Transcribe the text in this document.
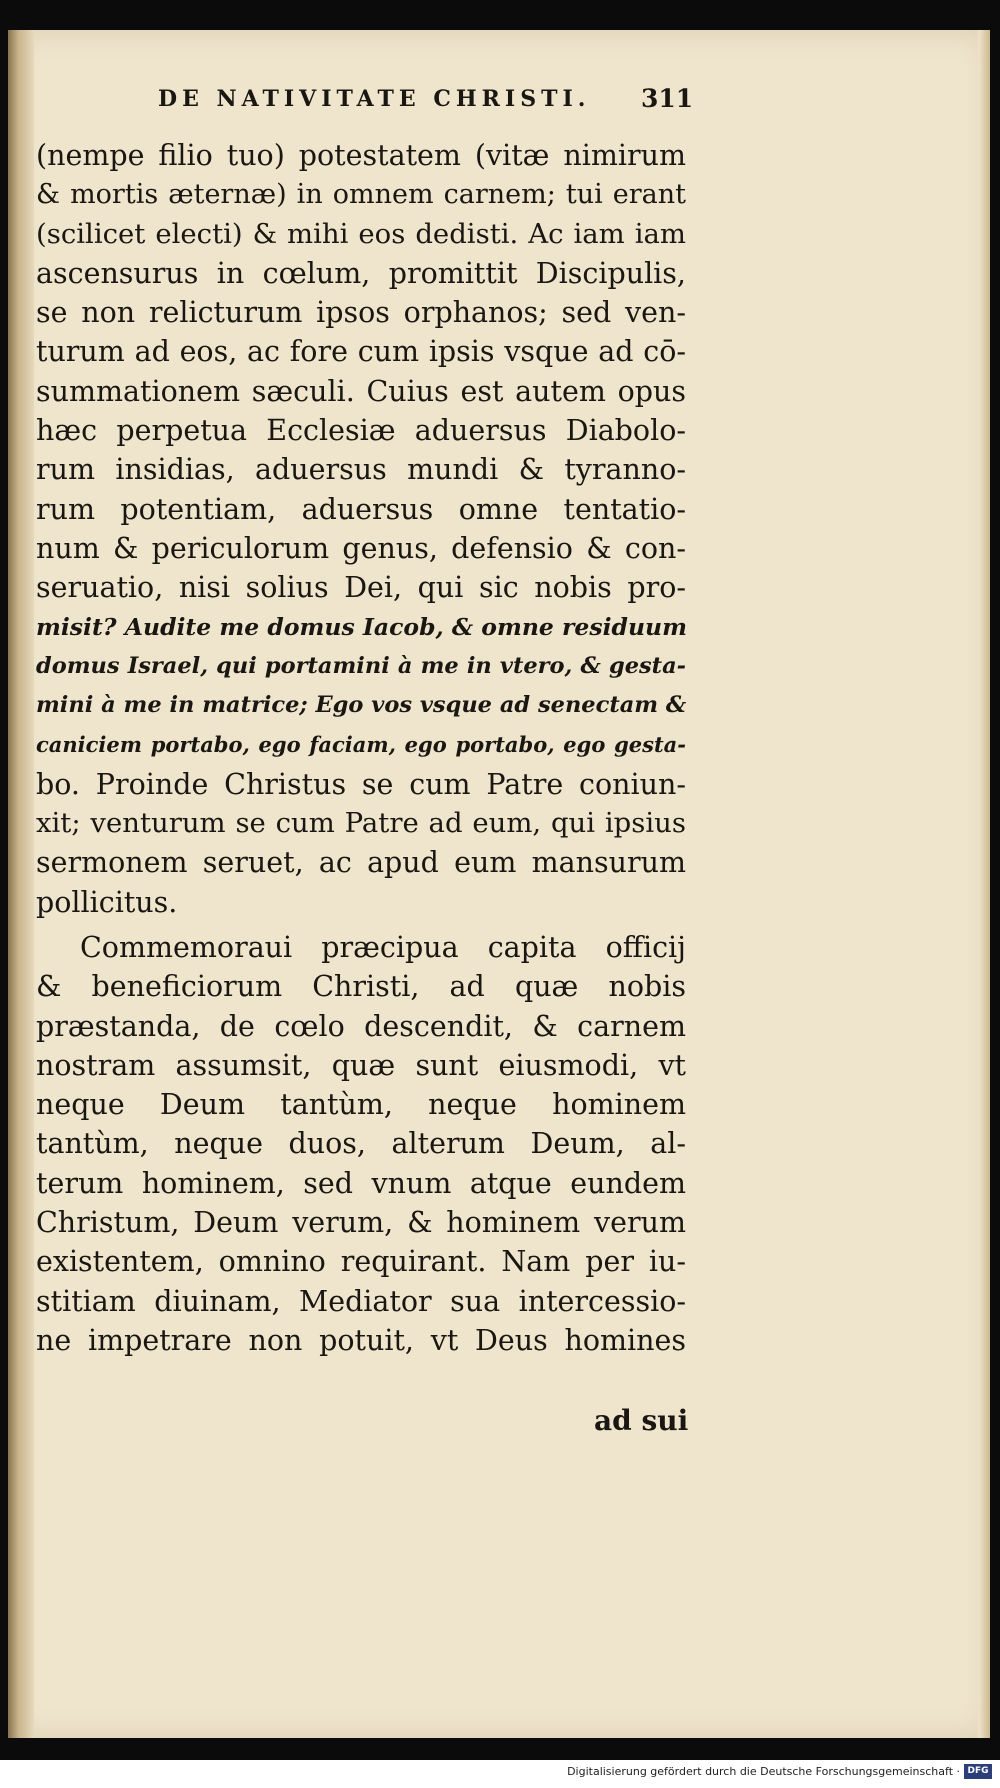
DE NATIVITATE CHRISTI. 311
(nempe filio tuo) potestatem (vitæ nimirum
& mortis æternæ) in omnem carnem; tui erant
(scilicet electi) & mihi eos dedisti. Ac iam iam
ascensurus in cœlum, promittit Discipulis,
se non relicturum ipsos orphanos; sed ven-
turum ad eos, ac fore cum ipsis vsque ad cō-
summationem sæculi. Cuius est autem opus
hæc perpetua Ecclesiæ aduersus Diabolo-
rum insidias, aduersus mundi & tyranno-
rum potentiam, aduersus omne tentatio-
num & periculorum genus, defensio & con-
seruatio, nisi solius Dei, qui sic nobis pro-
misit? Audite me domus Iacob, & omne residuum
domus Israel, qui portamini à me in vtero, & gesta-
mini à me in matrice; Ego vos vsque ad senectam &
caniciem portabo, ego faciam, ego portabo, ego gesta-
bo. Proinde Christus se cum Patre coniun-
xit; venturum se cum Patre ad eum, qui ipsius
sermonem seruet, ac apud eum mansurum
pollicitus.
Commemoraui præcipua capita officij
& beneficiorum Christi, ad quæ nobis
præstanda, de cœlo descendit, & carnem
nostram assumsit, quæ sunt eiusmodi, vt
neque Deum tantùm, neque hominem
tantùm, neque duos, alterum Deum, al-
terum hominem, sed vnum atque eundem
Christum, Deum verum, & hominem verum
existentem, omnino requirant. Nam per iu-
stitiam diuinam, Mediator sua intercessio-
ne impetrare non potuit, vt Deus homines
ad sui
Digitalisierung gefördert durch die Deutsche Forschungsgemeinschaft · DFG
